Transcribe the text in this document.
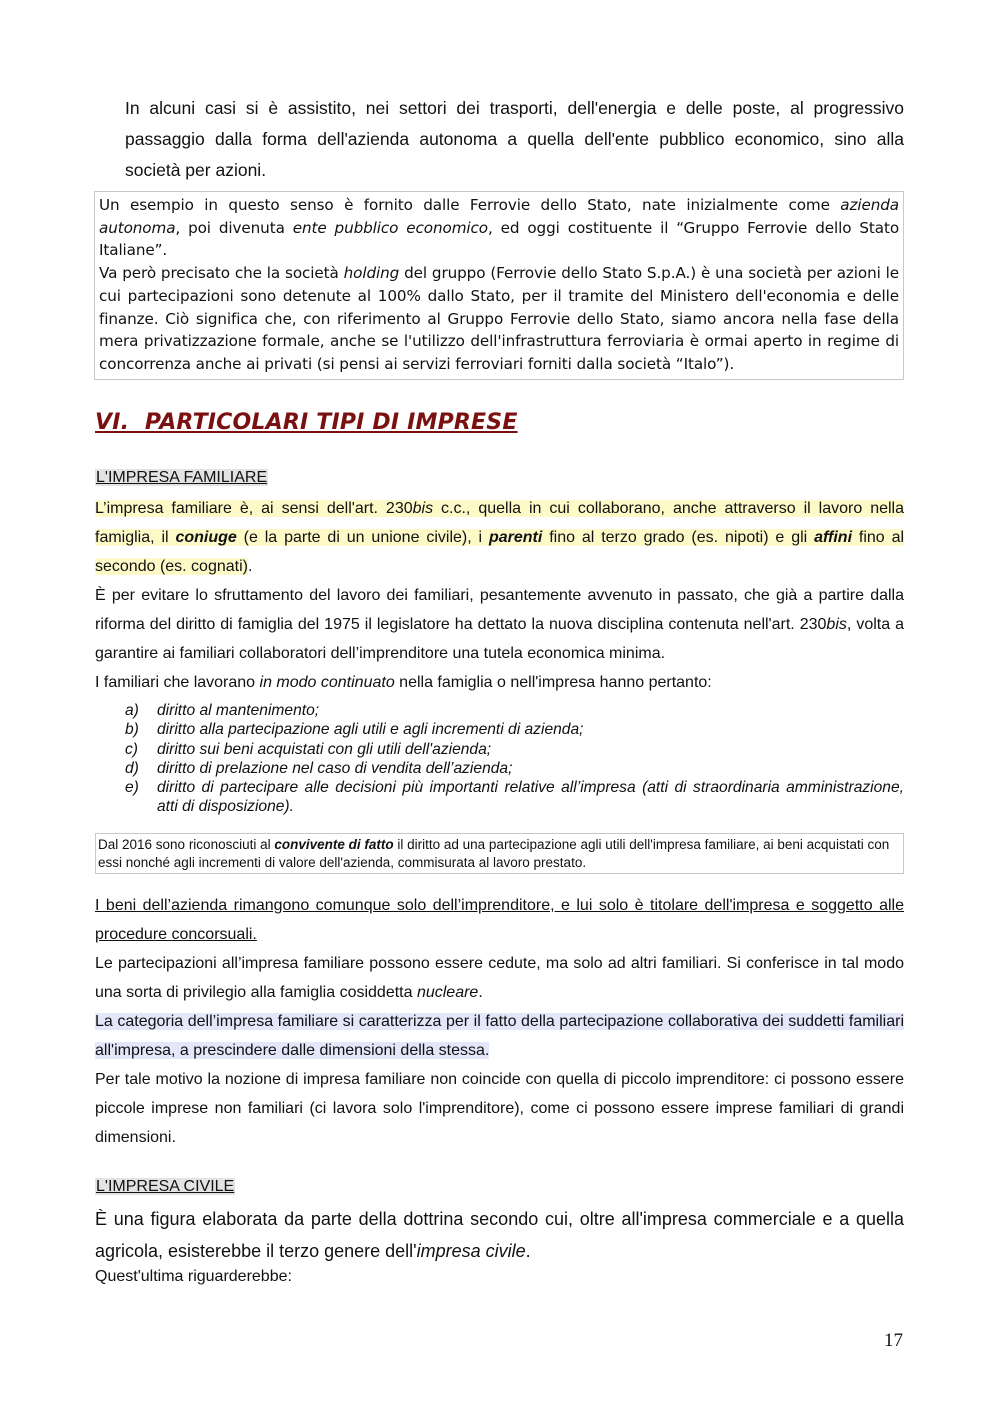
In alcuni casi si è assistito, nei settori dei trasporti, dell'energia e delle poste, al progressivo passaggio dalla forma dell'azienda autonoma a quella dell'ente pubblico economico, sino alla società per azioni.

Un esempio in questo senso è fornito dalle Ferrovie dello Stato, nate inizialmente come azienda autonoma, poi divenuta ente pubblico economico, ed oggi costituente il “Gruppo Ferrovie dello Stato Italiane”.
Va però precisato che la società holding del gruppo (Ferrovie dello Stato S.p.A.) è una società per azioni le cui partecipazioni sono detenute al 100% dallo Stato, per il tramite del Ministero dell'economia e delle finanze. Ciò significa che, con riferimento al Gruppo Ferrovie dello Stato, siamo ancora nella fase della mera privatizzazione formale, anche se l'utilizzo dell'infrastruttura ferroviaria è ormai aperto in regime di concorrenza anche ai privati (si pensi ai servizi ferroviari forniti dalla società “Italo”).
VI.  PARTICOLARI TIPI DI IMPRESE
L'IMPRESA FAMILIARE
L’impresa familiare è, ai sensi dell'art. 230bis c.c., quella in cui collaborano, anche attraverso il lavoro nella famiglia, il coniuge (e la parte di un unione civile), i parenti fino al terzo grado (es. nipoti) e gli affini fino al secondo (es. cognati).
È per evitare lo sfruttamento del lavoro dei familiari, pesantemente avvenuto in passato, che già a partire dalla riforma del diritto di famiglia del 1975 il legislatore ha dettato la nuova disciplina contenuta nell'art. 230bis, volta a garantire ai familiari collaboratori dell’imprenditore una tutela economica minima.
I familiari che lavorano in modo continuato nella famiglia o nell'impresa hanno pertanto:
a)	diritto al mantenimento;
b)	diritto alla partecipazione agli utili e agli incrementi di azienda;
c)	diritto sui beni acquistati con gli utili dell'azienda;
d)	diritto di prelazione nel caso di vendita dell’azienda;
e)	diritto di partecipare alle decisioni più importanti relative all’impresa (atti di straordinaria amministrazione, atti di disposizione).
Dal 2016 sono riconosciuti al convivente di fatto il diritto ad una partecipazione agli utili dell'impresa familiare, ai beni acquistati con essi nonché agli incrementi di valore dell'azienda, commisurata al lavoro prestato.
I beni dell’azienda rimangono comunque solo dell’imprenditore, e lui solo è titolare dell'impresa e soggetto alle procedure concorsuali.
Le partecipazioni all’impresa familiare possono essere cedute, ma solo ad altri familiari. Si conferisce in tal modo una sorta di privilegio alla famiglia cosiddetta nucleare.
La categoria dell’impresa familiare si caratterizza per il fatto della partecipazione collaborativa dei suddetti familiari all'impresa, a prescindere dalle dimensioni della stessa.
Per tale motivo la nozione di impresa familiare non coincide con quella di piccolo imprenditore: ci possono essere piccole imprese non familiari (ci lavora solo l'imprenditore), come ci possono essere imprese familiari di grandi dimensioni.
L'IMPRESA CIVILE
È una figura elaborata da parte della dottrina secondo cui, oltre all'impresa commerciale e a quella agricola, esisterebbe il terzo genere dell'impresa civile.
Quest'ultima riguarderebbe:
17
